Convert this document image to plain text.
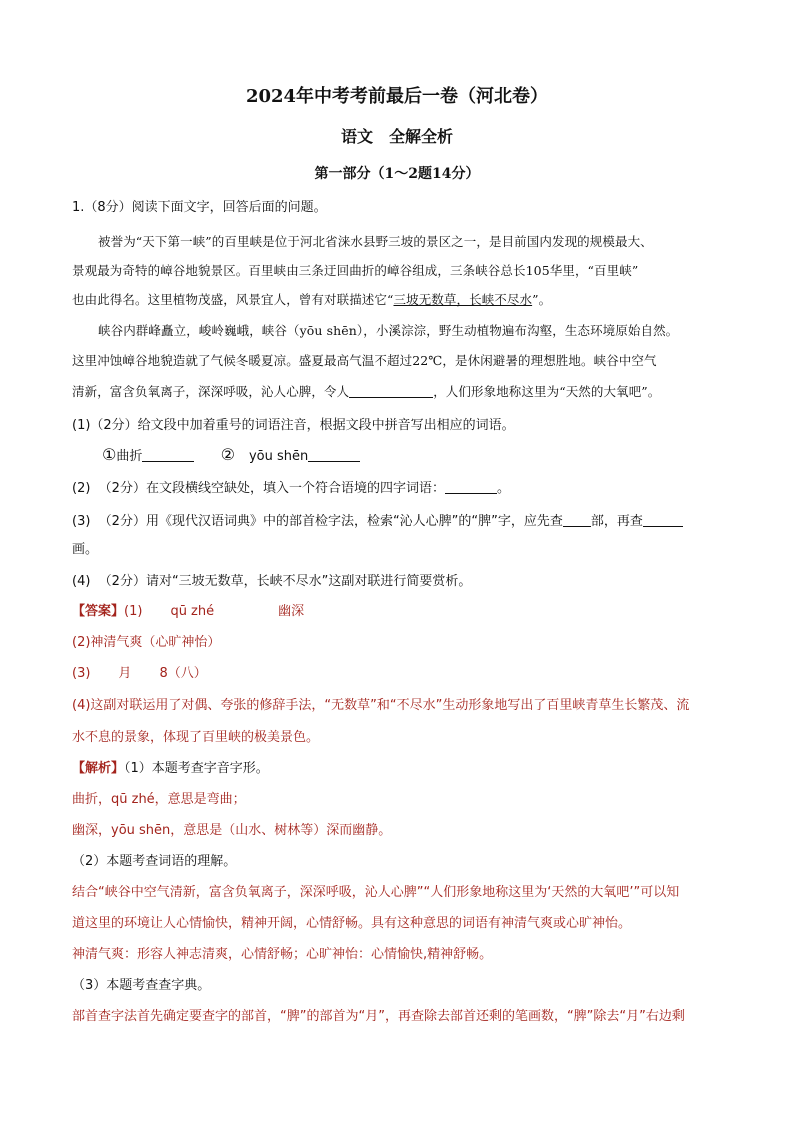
2024年中考考前最后一卷（河北卷）
语文　全解全析
第一部分（1～2题14分）
1.（8分）阅读下面文字，回答后面的问题。
被誉为“天下第一峡”的百里峡是位于河北省涞水县野三坡的景区之一，是目前国内发现的规模最大、
景观最为奇特的嶂谷地貌景区。百里峡由三条迂回曲折的嶂谷组成，三条峡谷总长105华里，“百里峡”
也由此得名。这里植物茂盛，风景宜人，曾有对联描述它“三坡无数草，长峡不尽水”。
峡谷内群峰矗立，峻岭巍峨，峡谷（yōu shēn），小溪淙淙，野生动植物遍布沟壑，生态环境原始自然。
这里冲蚀嶂谷地貌造就了气候冬暖夏凉。盛夏最高气温不超过22℃，是休闲避暑的理想胜地。峡谷中空气
清新，富含负氧离子，深深呼吸，沁人心脾，令人	，人们形象地称这里为“天然的大氧吧”。
(1)（2分）给文段中加着重号的词语注音，根据文段中拼音写出相应的词语。
①曲折	② yōu shēn
(2)  （2分）在文段横线空缺处，填入一个符合语境的四字词语：	。
(3)  （2分）用《现代汉语词典》中的部首检字法，检索“沁人心脾”的“脾”字，应先查 部，再查
画。
(4)  （2分）请对“三坡无数草，长峡不尽水”这副对联进行简要赏析。
【答案】(1) qū zhé	幽深
(2)神清气爽（心旷神怡）
(3) 月 8（八）
(4)这副对联运用了对偶、夸张的修辞手法，“无数草”和“不尽水”生动形象地写出了百里峡青草生长繁茂、流
水不息的景象，体现了百里峡的极美景色。
【解析】（1）本题考查字音字形。
曲折，qū zhé，意思是弯曲；
幽深，yōu shēn，意思是（山水、树林等）深而幽静。
（2）本题考查词语的理解。
结合“峡谷中空气清新，富含负氧离子，深深呼吸，沁人心脾”“人们形象地称这里为‘天然的大氧吧’”可以知
道这里的环境让人心情愉快，精神开阔，心情舒畅。具有这种意思的词语有神清气爽或心旷神怡。
神清气爽：形容人神志清爽，心情舒畅；心旷神怡：心情愉快,精神舒畅。
（3）本题考查查字典。
部首查字法首先确定要查字的部首，“脾”的部首为“月”，再查除去部首还剩的笔画数，“脾”除去“月”右边剩
